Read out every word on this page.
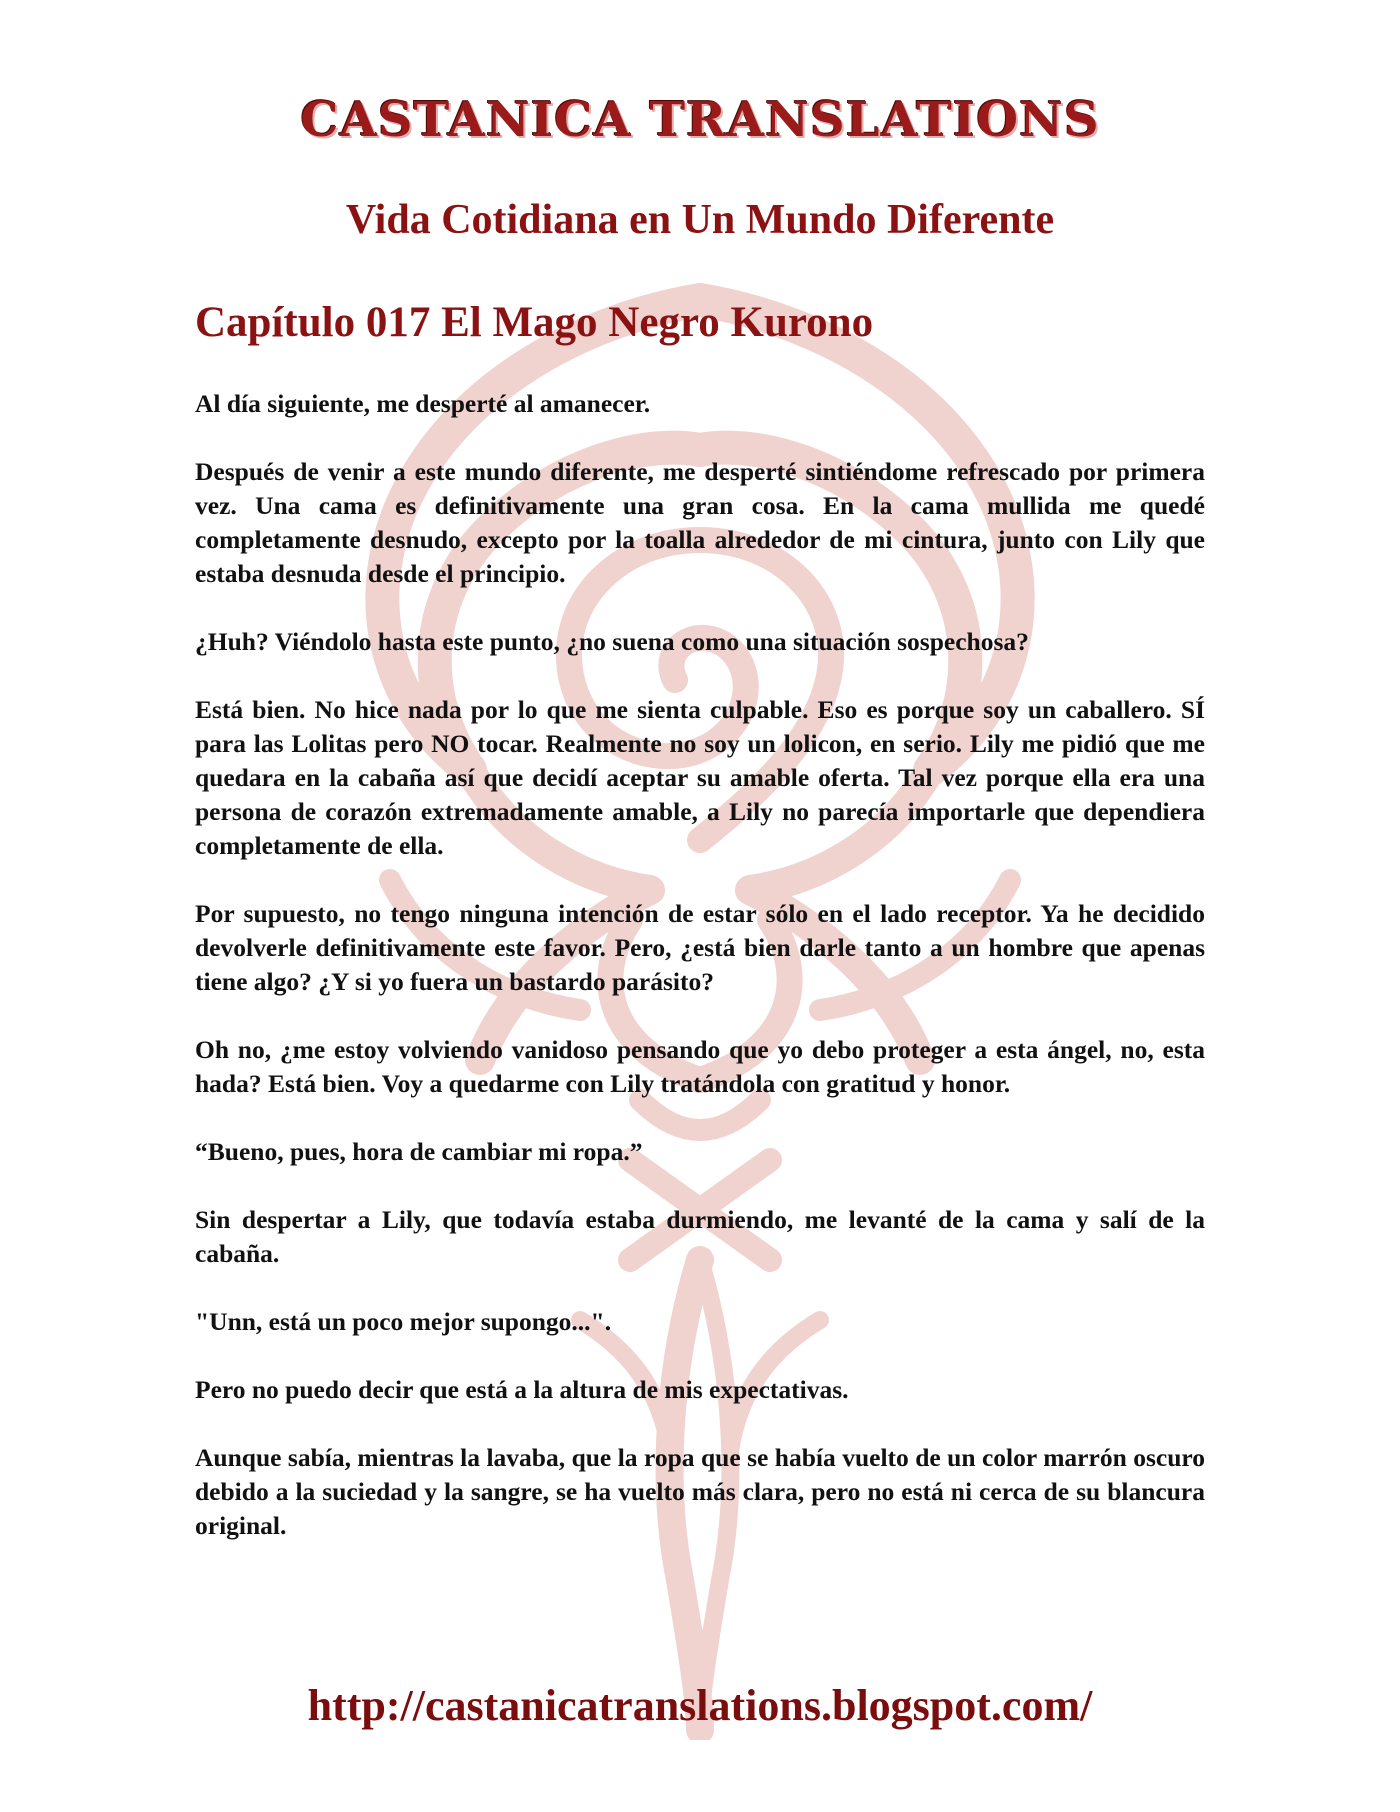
CASTANICA TRANSLATIONS
Vida Cotidiana en Un Mundo Diferente
Capítulo 017 El Mago Negro Kurono

Al día siguiente, me desperté al amanecer.

Después de venir a este mundo diferente, me desperté sintiéndome refrescado por primera vez. Una cama es definitivamente una gran cosa. En la cama mullida me quedé completamente desnudo, excepto por la toalla alrededor de mi cintura, junto con Lily que estaba desnuda desde el principio.

¿Huh? Viéndolo hasta este punto, ¿no suena como una situación sospechosa?

Está bien. No hice nada por lo que me sienta culpable. Eso es porque soy un caballero. SÍ para las Lolitas pero NO tocar. Realmente no soy un lolicon, en serio. Lily me pidió que me quedara en la cabaña así que decidí aceptar su amable oferta. Tal vez porque ella era una persona de corazón extremadamente amable, a Lily no parecía importarle que dependiera completamente de ella.

Por supuesto, no tengo ninguna intención de estar sólo en el lado receptor. Ya he decidido devolverle definitivamente este favor. Pero, ¿está bien darle tanto a un hombre que apenas tiene algo? ¿Y si yo fuera un bastardo parásito?

Oh no, ¿me estoy volviendo vanidoso pensando que yo debo proteger a esta ángel, no, esta hada? Está bien. Voy a quedarme con Lily tratándola con gratitud y honor.

“Bueno, pues, hora de cambiar mi ropa.”

Sin despertar a Lily, que todavía estaba durmiendo, me levanté de la cama y salí de la cabaña.

"Unn, está un poco mejor supongo...".

Pero no puedo decir que está a la altura de mis expectativas.

Aunque sabía, mientras la lavaba, que la ropa que se había vuelto de un color marrón oscuro debido a la suciedad y la sangre, se ha vuelto más clara, pero no está ni cerca de su blancura original.

http://castanicatranslations.blogspot.com/
